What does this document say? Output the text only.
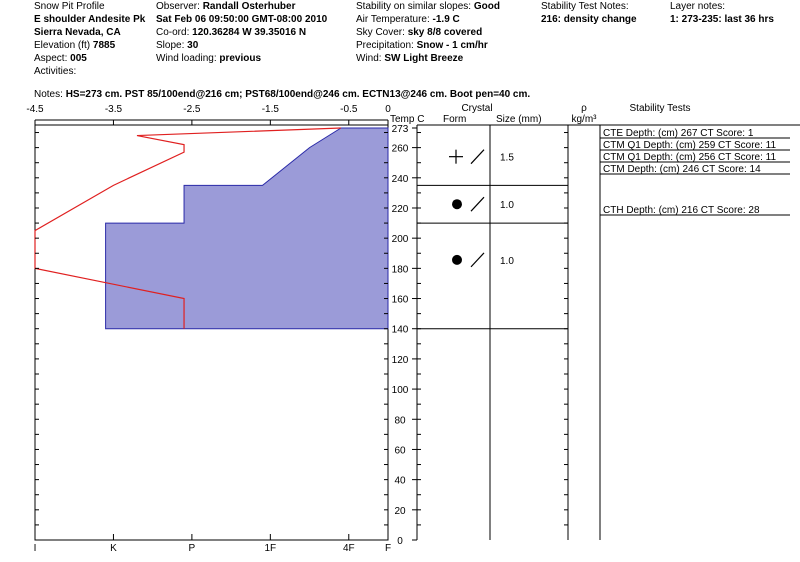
Snow Pit Profile
E shoulder Andesite Pk
Sierra Nevada, CA
Elevation (ft) 7885
Aspect: 005
Activities:
Observer: Randall Osterhuber
Sat Feb 06 09:50:00 GMT-08:00 2010
Co-ord: 120.36284 W 39.35016 N
Slope: 30
Wind loading: previous
Stability on similar slopes: Good
Air Temperature: -1.9 C
Sky Cover: sky 8/8 covered
Precipitation: Snow - 1 cm/hr
Wind: SW Light Breeze
Stability Test Notes:
216: density change
Layer notes:
1: 273-235: last 36 hrs
Notes: HS=273 cm. PST 85/100end@216 cm; PST68/100end@246 cm. ECTN13@246 cm. Boot pen=40 cm.
-4.5	-3.5	-2.5	-1.5	-0.5	0
I	K	P	1F	4F	F
273
260
240
220
200
180
160
140
120
100
80
60
40
20
0
Temp C
Crystal
Form	Size (mm)
ρ
kg/m³
Stability Tests
1.5
1.0
1.0
CTE Depth: (cm) 267 CT Score: 1
CTM Q1 Depth: (cm) 259 CT Score: 11
CTM Q1 Depth: (cm) 256 CT Score: 11
CTM Depth: (cm) 246 CT Score: 14
CTH Depth: (cm) 216 CT Score: 28
